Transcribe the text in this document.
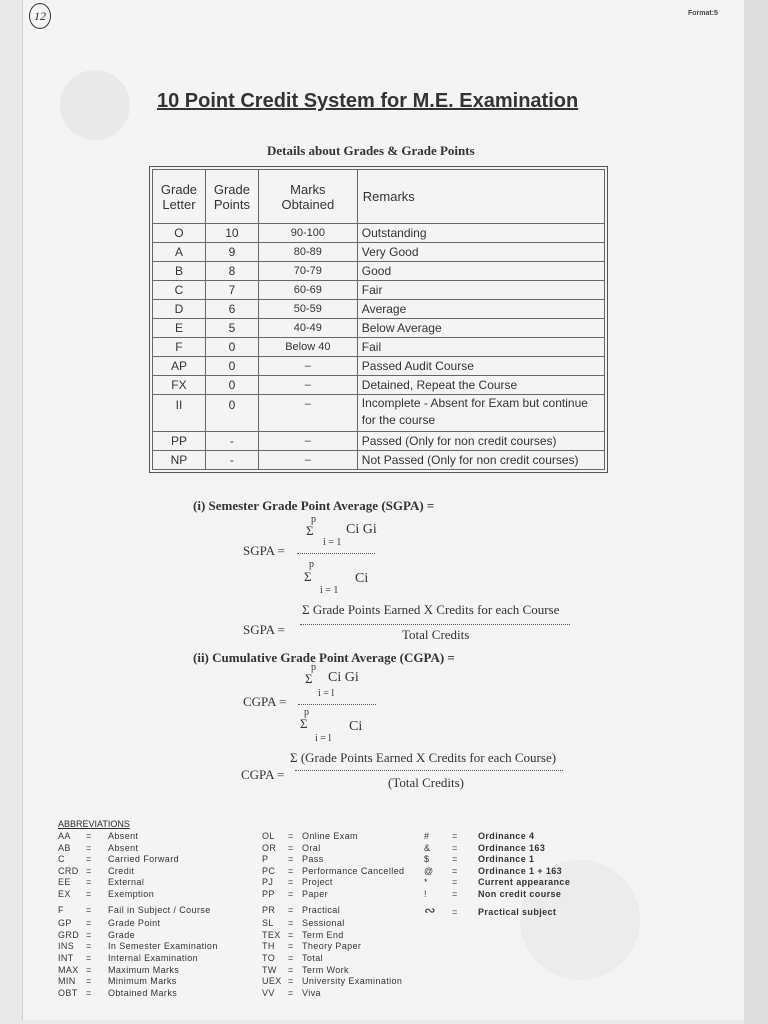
12	Format:5
10 Point Credit System for M.E. Examination
Details about Grades & Grade Points
Grade Letter	Grade Points	Marks Obtained	Remarks
O	10	90-100	Outstanding
A	9	80-89	Very Good
B	8	70-79	Good
C	7	60-69	Fair
D	6	50-59	Average
E	5	40-49	Below Average
F	0	Below 40	Fail
AP	0	–	Passed Audit Course
FX	0	–	Detained, Repeat the Course
II	0	–	Incomplete - Absent for Exam but continue for the course
PP	-	–	Passed (Only for non credit courses)
NP	-	–	Not Passed (Only for non credit courses)
(i) Semester Grade Point Average (SGPA) =
p
Σ Ci Gi
i = 1
SGPA =
p
Σ	Ci
i = 1
Σ Grade Points Earned X Credits for each Course
SGPA =	Total Credits
(ii) Cumulative Grade Point Average (CGPA) =
p
Σ Ci Gi
i = l
CGPA =
p
Σ	Ci
i = l
Σ (Grade Points Earned X Credits for each Course)
CGPA =
(Total Credits)
ABBREVIATIONS
AA = Absent
AB = Absent
C = Carried Forward
CRD = Credit
EE = External
EX = Exemption
F = Fail in Subject / Course
GP = Grade Point
GRD = Grade
INS = In Semester Examination
INT = Internal Examination
MAX = Maximum Marks
MIN = Minimum Marks
OBT = Obtained Marks
OL = Online Exam
OR = Oral
P = Pass
PC = Performance Cancelled
PJ = Project
PP = Paper
PR = Practical
SL = Sessional
TEX = Term End
TH = Theory Paper
TO = Total
TW = Term Work
UEX = University Examination
VV = Viva
#	= Ordinance 4
& = Ordinance 163
$	= Ordinance 1
@ = Ordinance 1 + 163
*	= Current appearance
!	= Non credit course
∾ = Practical subject
